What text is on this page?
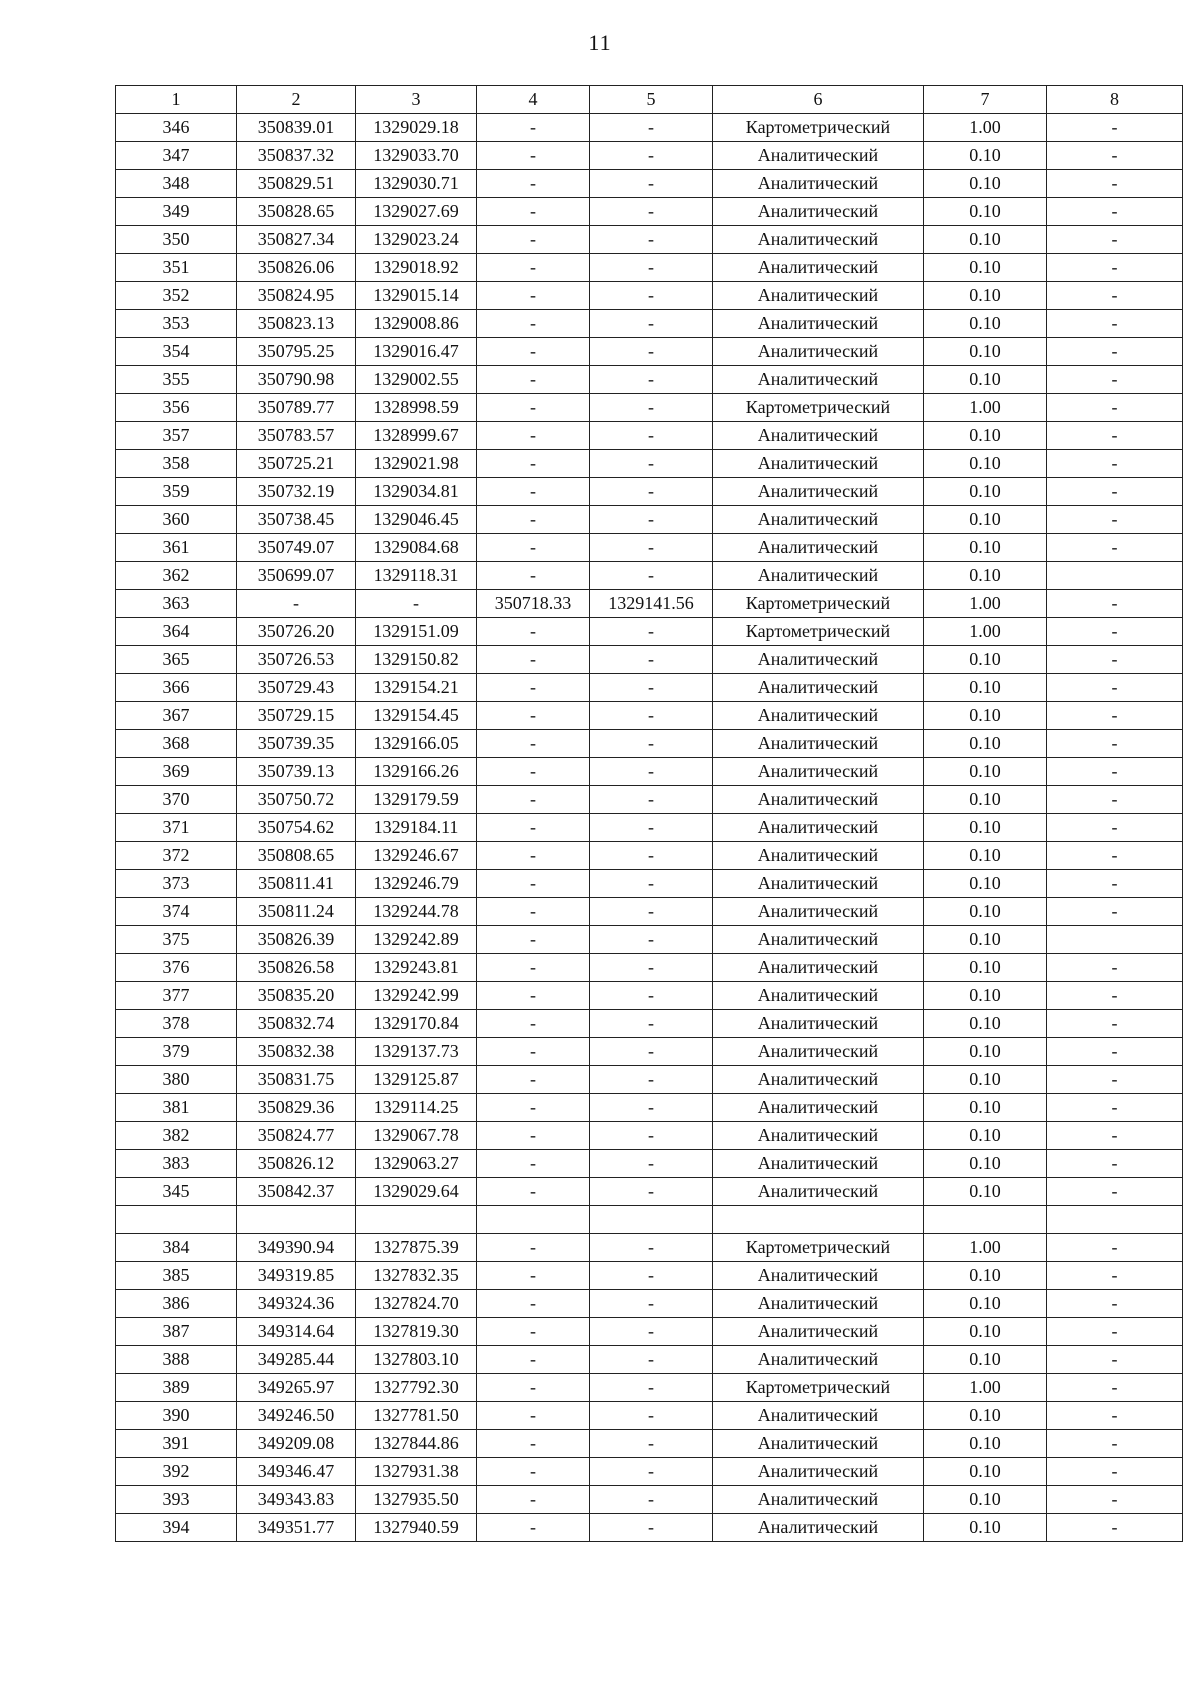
11
1	2	3	4	5	6	7	8
346	350839.01	1329029.18	-	-	Картометрический	1.00	-
347	350837.32	1329033.70	-	-	Аналитический	0.10	-
348	350829.51	1329030.71	-	-	Аналитический	0.10	-
349	350828.65	1329027.69	-	-	Аналитический	0.10	-
350	350827.34	1329023.24	-	-	Аналитический	0.10	-
351	350826.06	1329018.92	-	-	Аналитический	0.10	-
352	350824.95	1329015.14	-	-	Аналитический	0.10	-
353	350823.13	1329008.86	-	-	Аналитический	0.10	-
354	350795.25	1329016.47	-	-	Аналитический	0.10	-
355	350790.98	1329002.55	-	-	Аналитический	0.10	-
356	350789.77	1328998.59	-	-	Картометрический	1.00	-
357	350783.57	1328999.67	-	-	Аналитический	0.10	-
358	350725.21	1329021.98	-	-	Аналитический	0.10	-
359	350732.19	1329034.81	-	-	Аналитический	0.10	-
360	350738.45	1329046.45	-	-	Аналитический	0.10	-
361	350749.07	1329084.68	-	-	Аналитический	0.10	-
362	350699.07	1329118.31	-	-	Аналитический	0.10	
363	-	-	350718.33	1329141.56	Картометрический	1.00	-
364	350726.20	1329151.09	-	-	Картометрический	1.00	-
365	350726.53	1329150.82	-	-	Аналитический	0.10	-
366	350729.43	1329154.21	-	-	Аналитический	0.10	-
367	350729.15	1329154.45	-	-	Аналитический	0.10	-
368	350739.35	1329166.05	-	-	Аналитический	0.10	-
369	350739.13	1329166.26	-	-	Аналитический	0.10	-
370	350750.72	1329179.59	-	-	Аналитический	0.10	-
371	350754.62	1329184.11	-	-	Аналитический	0.10	-
372	350808.65	1329246.67	-	-	Аналитический	0.10	-
373	350811.41	1329246.79	-	-	Аналитический	0.10	-
374	350811.24	1329244.78	-	-	Аналитический	0.10	-
375	350826.39	1329242.89	-	-	Аналитический	0.10	
376	350826.58	1329243.81	-	-	Аналитический	0.10	-
377	350835.20	1329242.99	-	-	Аналитический	0.10	-
378	350832.74	1329170.84	-	-	Аналитический	0.10	-
379	350832.38	1329137.73	-	-	Аналитический	0.10	-
380	350831.75	1329125.87	-	-	Аналитический	0.10	-
381	350829.36	1329114.25	-	-	Аналитический	0.10	-
382	350824.77	1329067.78	-	-	Аналитический	0.10	-
383	350826.12	1329063.27	-	-	Аналитический	0.10	-
345	350842.37	1329029.64	-	-	Аналитический	0.10	-

384	349390.94	1327875.39	-	-	Картометрический	1.00	-
385	349319.85	1327832.35	-	-	Аналитический	0.10	-
386	349324.36	1327824.70	-	-	Аналитический	0.10	-
387	349314.64	1327819.30	-	-	Аналитический	0.10	-
388	349285.44	1327803.10	-	-	Аналитический	0.10	-
389	349265.97	1327792.30	-	-	Картометрический	1.00	-
390	349246.50	1327781.50	-	-	Аналитический	0.10	-
391	349209.08	1327844.86	-	-	Аналитический	0.10	-
392	349346.47	1327931.38	-	-	Аналитический	0.10	-
393	349343.83	1327935.50	-	-	Аналитический	0.10	-
394	349351.77	1327940.59	-	-	Аналитический	0.10	-
